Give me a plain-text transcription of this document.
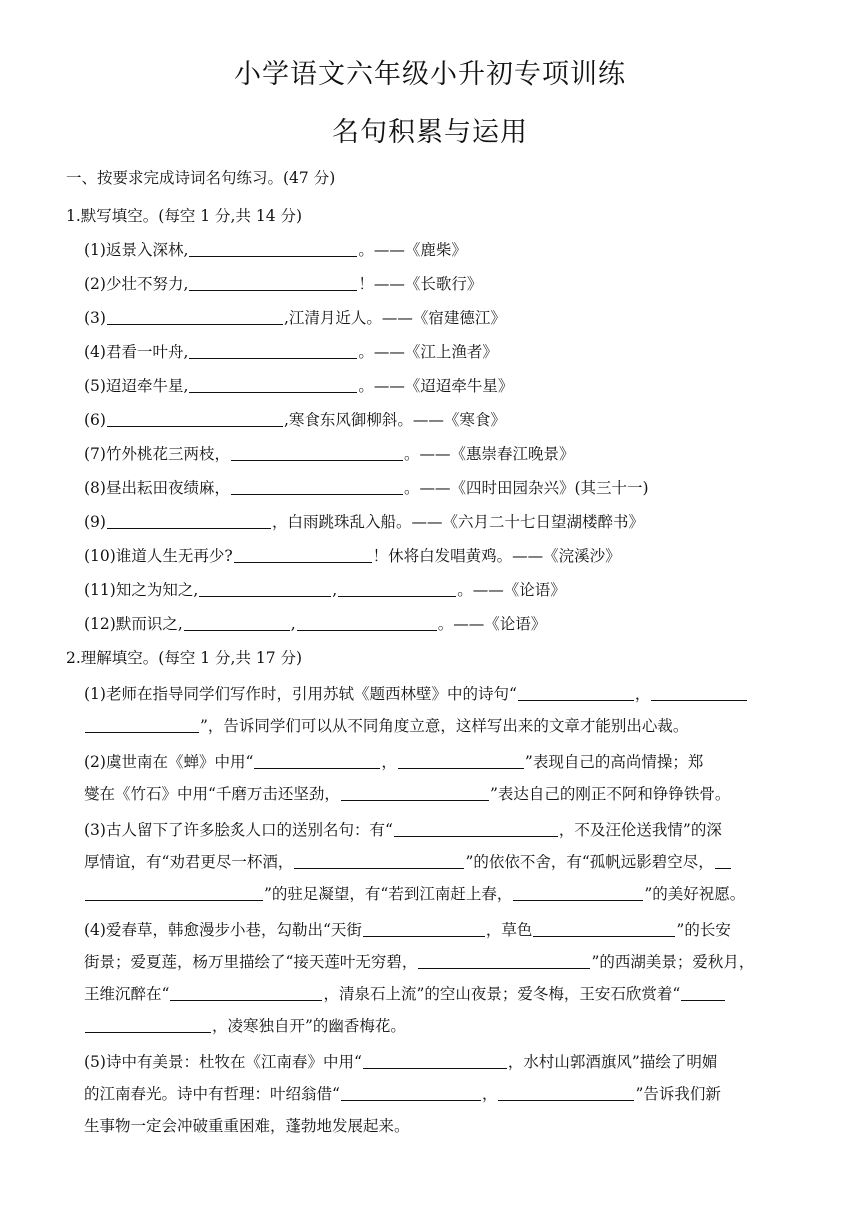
小学语文六年级小升初专项训练
名句积累与运用
一、按要求完成诗词名句练习。(47 分)
1.默写填空。(每空 1 分,共 14 分)
(1)返景入深林,	。——《鹿柴》
(2)少壮不努力,	！——《长歌行》
(3)	,江清月近人。——《宿建德江》
(4)君看一叶舟,	。——《江上渔者》
(5)迢迢牵牛星,	。——《迢迢牵牛星》
(6)	,寒食东风御柳斜。——《寒食》
(7)竹外桃花三两枝，	。——《惠崇春江晚景》
(8)昼出耘田夜绩麻，	。——《四时田园杂兴》(其三十一)
(9)	，白雨跳珠乱入船。——《六月二十七日望湖楼醉书》
(10)谁道人生无再少?	！休将白发唱黄鸡。——《浣溪沙》
(11)知之为知之,	,	。——《论语》
(12)默而识之,	,	。——《论语》
2.理解填空。(每空 1 分,共 17 分)
(1)老师在指导同学们写作时，引用苏轼《题西林壁》中的诗句“	，
”，告诉同学们可以从不同角度立意，这样写出来的文章才能别出心裁。
(2)虞世南在《蝉》中用“	，	”表现自己的高尚情操；郑
燮在《竹石》中用“千磨万击还坚劲，	”表达自己的刚正不阿和铮铮铁骨。
(3)古人留下了许多脍炙人口的送别名句：有“	，不及汪伦送我情”的深
厚情谊，有“劝君更尽一杯酒，	”的依依不舍，有“孤帆远影碧空尽，
”的驻足凝望，有“若到江南赶上春，	”的美好祝愿。
(4)爱春草，韩愈漫步小巷，勾勒出“天街	，草色	”的长安
街景；爱夏莲，杨万里描绘了“接天莲叶无穷碧，	”的西湖美景；爱秋月，
王维沉醉在“	，清泉石上流”的空山夜景；爱冬梅，王安石欣赏着“
，凌寒独自开”的幽香梅花。
(5)诗中有美景：杜牧在《江南春》中用“	，水村山郭酒旗风”描绘了明媚
的江南春光。诗中有哲理：叶绍翁借“	，	”告诉我们新
生事物一定会冲破重重困难，蓬勃地发展起来。
